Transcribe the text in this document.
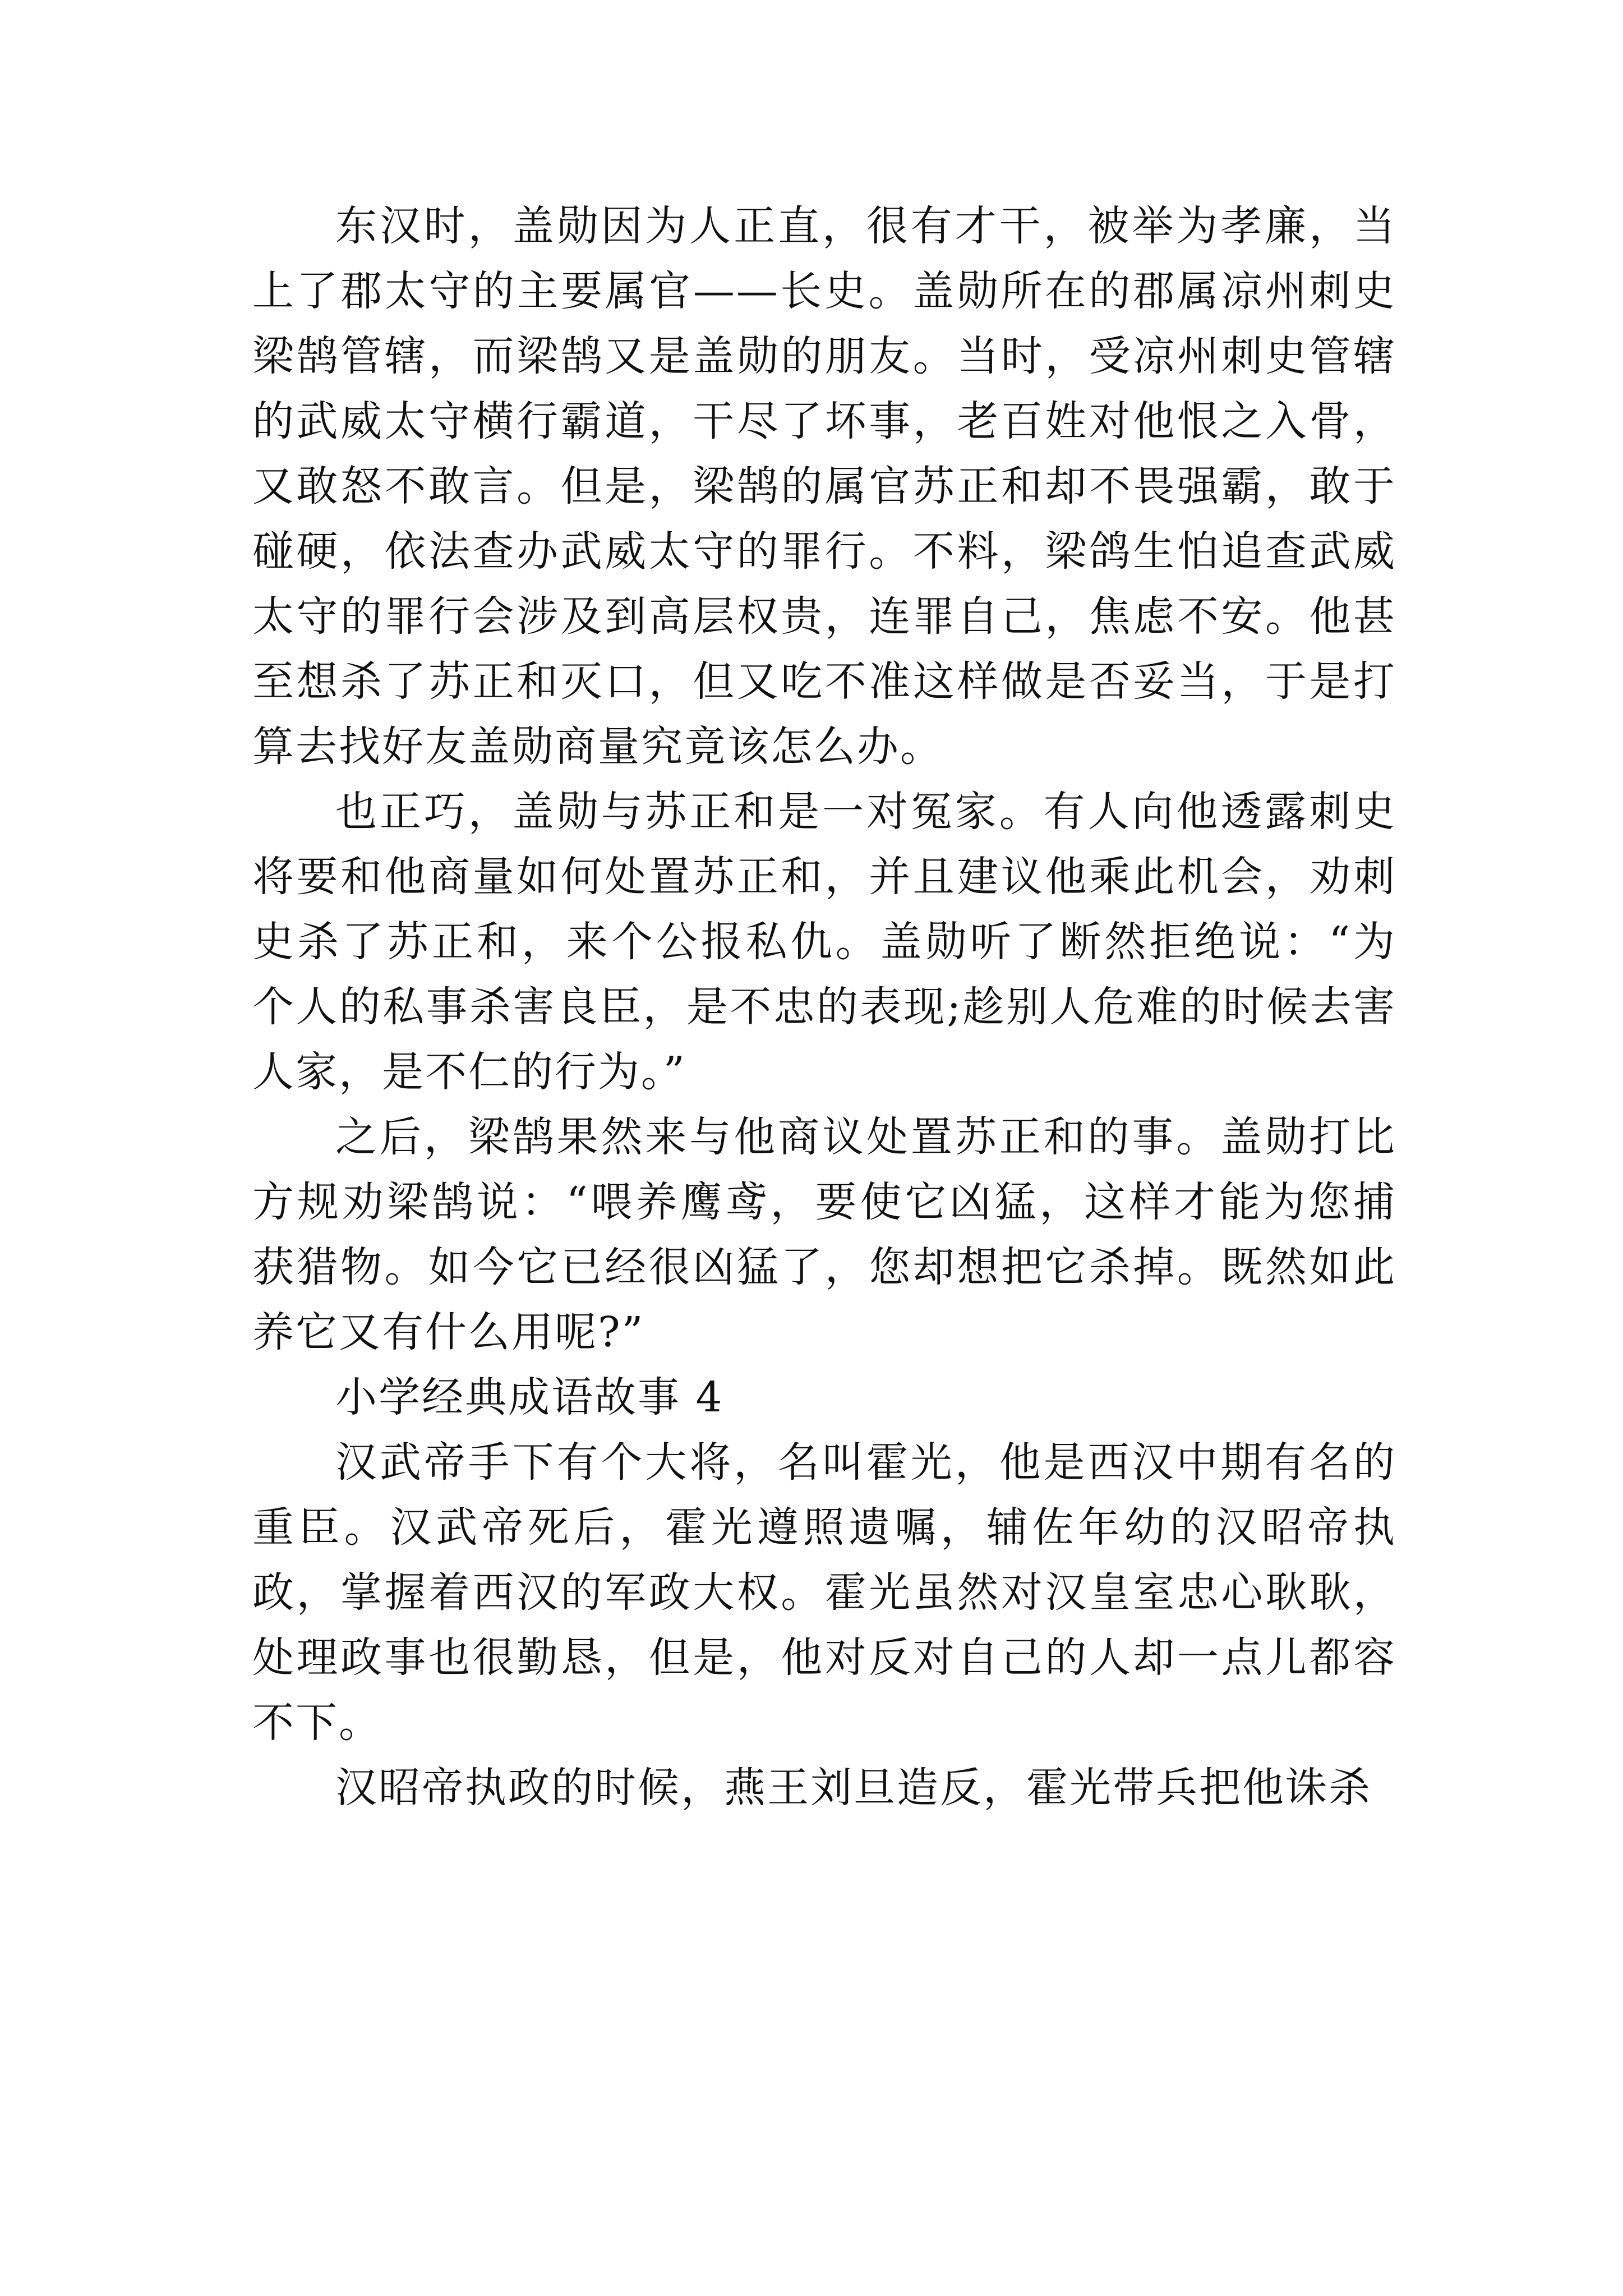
东汉时，盖勋因为人正直，很有才干，被举为孝廉，当上了郡太守的主要属官——长史。盖勋所在的郡属凉州刺史梁鹄管辖，而梁鹄又是盖勋的朋友。当时，受凉州刺史管辖的武威太守横行霸道，干尽了坏事，老百姓对他恨之入骨，又敢怒不敢言。但是，梁鹄的属官苏正和却不畏强霸，敢于碰硬，依法查办武威太守的罪行。不料，梁鸽生怕追查武威太守的罪行会涉及到高层权贵，连罪自己，焦虑不安。他甚至想杀了苏正和灭口，但又吃不准这样做是否妥当，于是打算去找好友盖勋商量究竟该怎么办。

也正巧，盖勋与苏正和是一对冤家。有人向他透露刺史将要和他商量如何处置苏正和，并且建议他乘此机会，劝刺史杀了苏正和，来个公报私仇。盖勋听了断然拒绝说：“为个人的私事杀害良臣，是不忠的表现;趁别人危难的时候去害人家，是不仁的行为。”

之后，梁鹄果然来与他商议处置苏正和的事。盖勋打比方规劝梁鹄说：“喂养鹰鸢，要使它凶猛，这样才能为您捕获猎物。如今它已经很凶猛了，您却想把它杀掉。既然如此养它又有什么用呢?”

小学经典成语故事 4

汉武帝手下有个大将，名叫霍光，他是西汉中期有名的重臣。汉武帝死后，霍光遵照遗嘱，辅佐年幼的汉昭帝执政，掌握着西汉的军政大权。霍光虽然对汉皇室忠心耿耿，处理政事也很勤恳，但是，他对反对自己的人却一点儿都容不下。

汉昭帝执政的时候，燕王刘旦造反，霍光带兵把他诛杀
